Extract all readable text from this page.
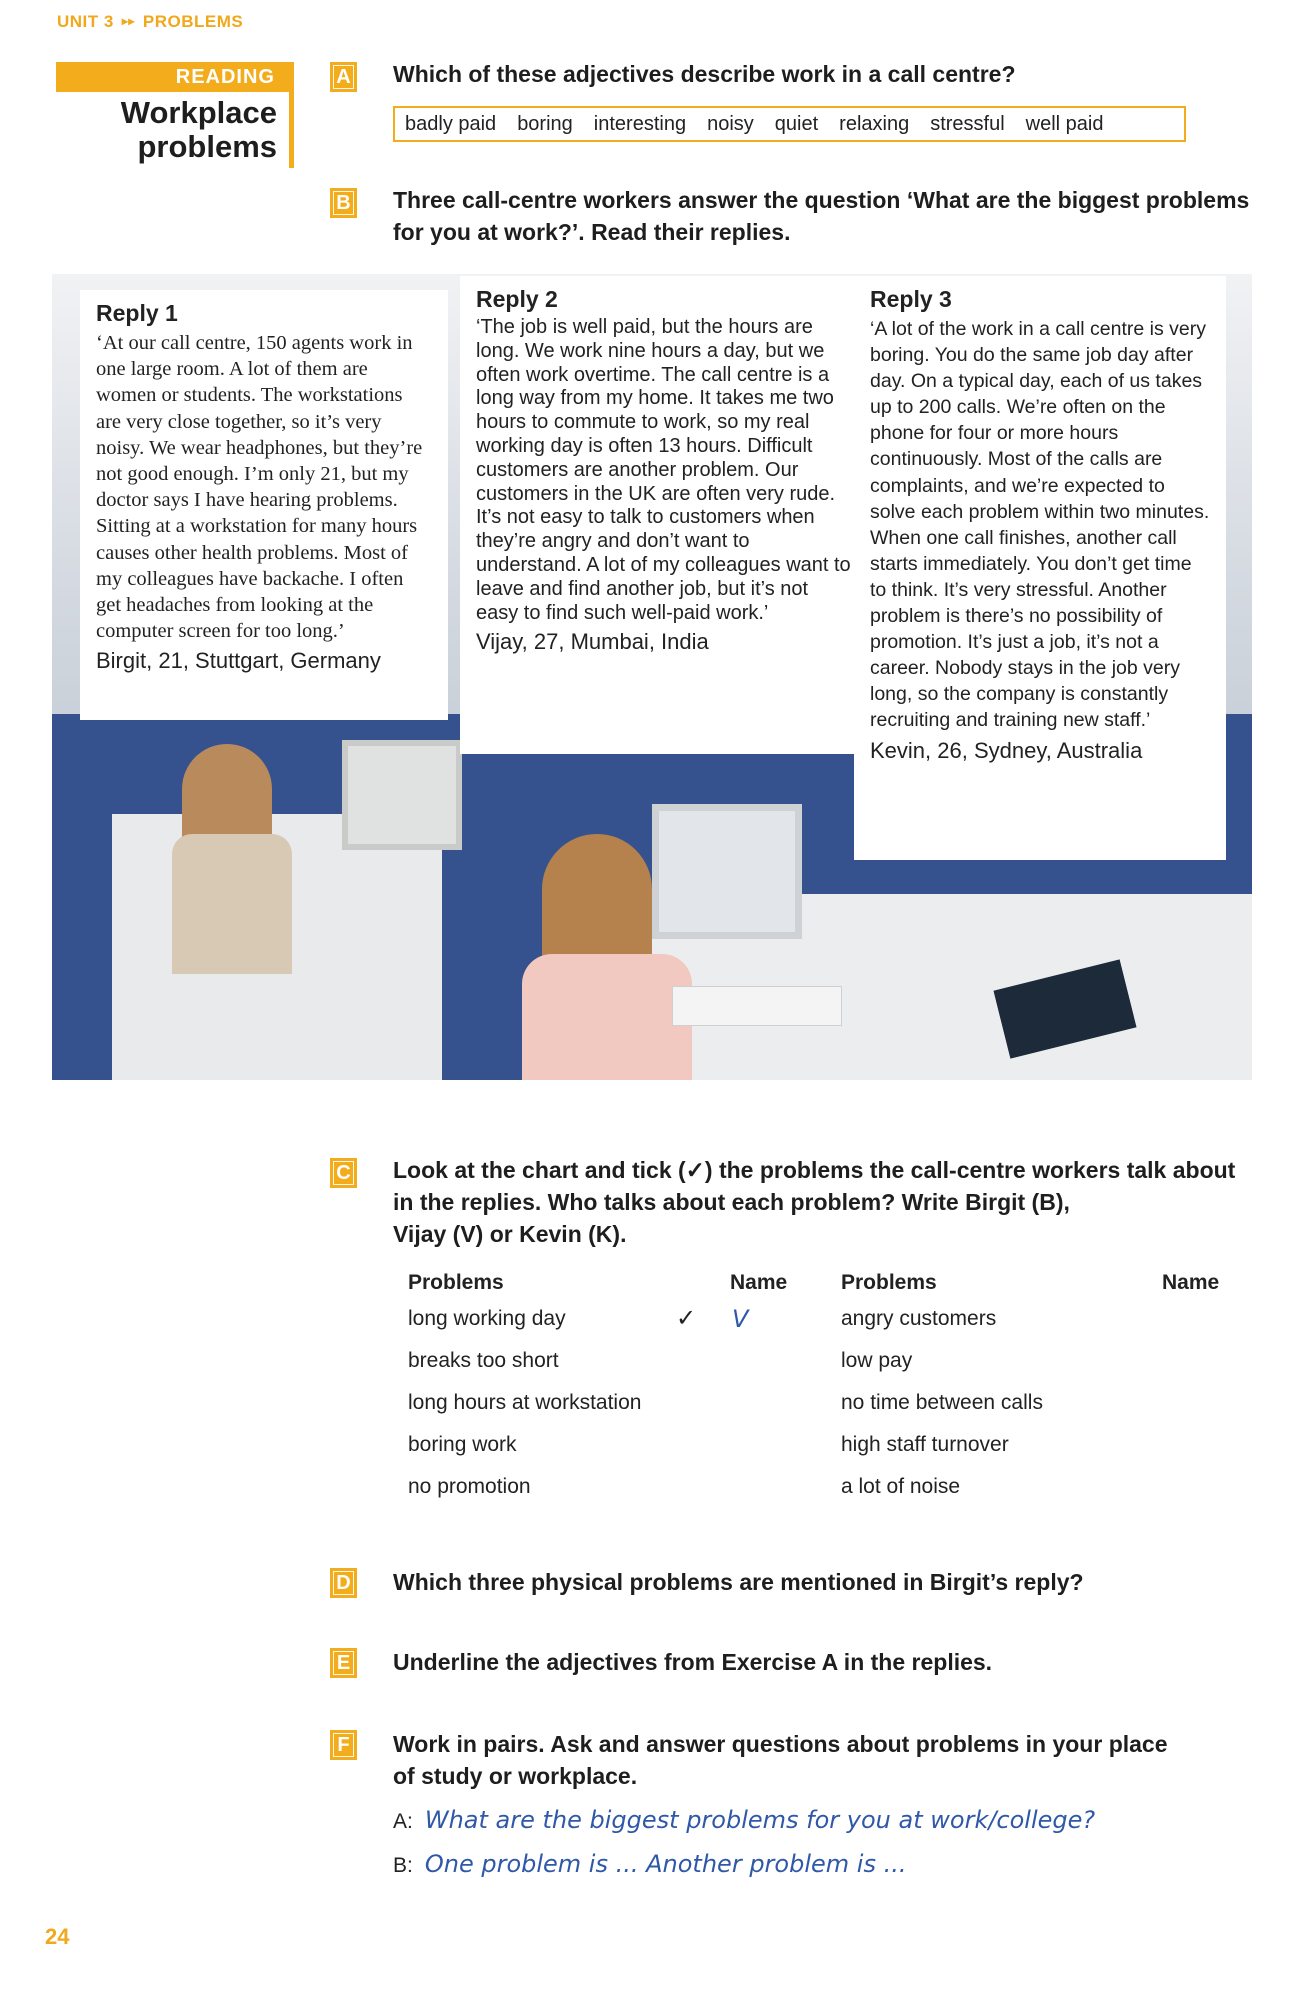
UNIT 3 ▸▸ PROBLEMS
READING
Workplace
problems
A Which of these adjectives describe work in a call centre?
badly paid boring interesting noisy quiet relaxing stressful well paid
B Three call-centre workers answer the question ‘What are the biggest problems
for you at work?’. Read their replies.
Reply 1
‘At our call centre, 150 agents work in one large room. A lot of them are women or students. The workstations are very close together, so it’s very noisy. We wear headphones, but they’re not good enough. I’m only 21, but my doctor says I have hearing problems. Sitting at a workstation for many hours causes other health problems. Most of my colleagues have backache. I often get headaches from looking at the computer screen for too long.’
Birgit, 21, Stuttgart, Germany
Reply 2
‘The job is well paid, but the hours are long. We work nine hours a day, but we often work overtime. The call centre is a long way from my home. It takes me two hours to commute to work, so my real working day is often 13 hours. Difficult customers are another problem. Our customers in the UK are often very rude. It’s not easy to talk to customers when they’re angry and don’t want to understand. A lot of my colleagues want to leave and find another job, but it’s not easy to find such well-paid work.’
Vijay, 27, Mumbai, India
Reply 3
‘A lot of the work in a call centre is very boring. You do the same job day after day. On a typical day, each of us takes up to 200 calls. We’re often on the phone for four or more hours continuously. Most of the calls are complaints, and we’re expected to solve each problem within two minutes. When one call finishes, another call starts immediately. You don’t get time to think. It’s very stressful. Another problem is there’s no possibility of promotion. It’s just a job, it’s not a career. Nobody stays in the job very long, so the company is constantly recruiting and training new staff.’
Kevin, 26, Sydney, Australia
C Look at the chart and tick (✓) the problems the call-centre workers talk about
in the replies. Who talks about each problem? Write Birgit (B),
Vijay (V) or Kevin (K).
Problems
long working day
breaks too short
long hours at workstation
boring work
no promotion
✓
Name
V
Problems
angry customers
low pay
no time between calls
high staff turnover
a lot of noise
Name
D Which three physical problems are mentioned in Birgit’s reply?
E Underline the adjectives from Exercise A in the replies.
F	Work in pairs. Ask and answer questions about problems in your place
of study or workplace.
A: What are the biggest problems for you at work/college?
B: One problem is ... Another problem is ...
24
